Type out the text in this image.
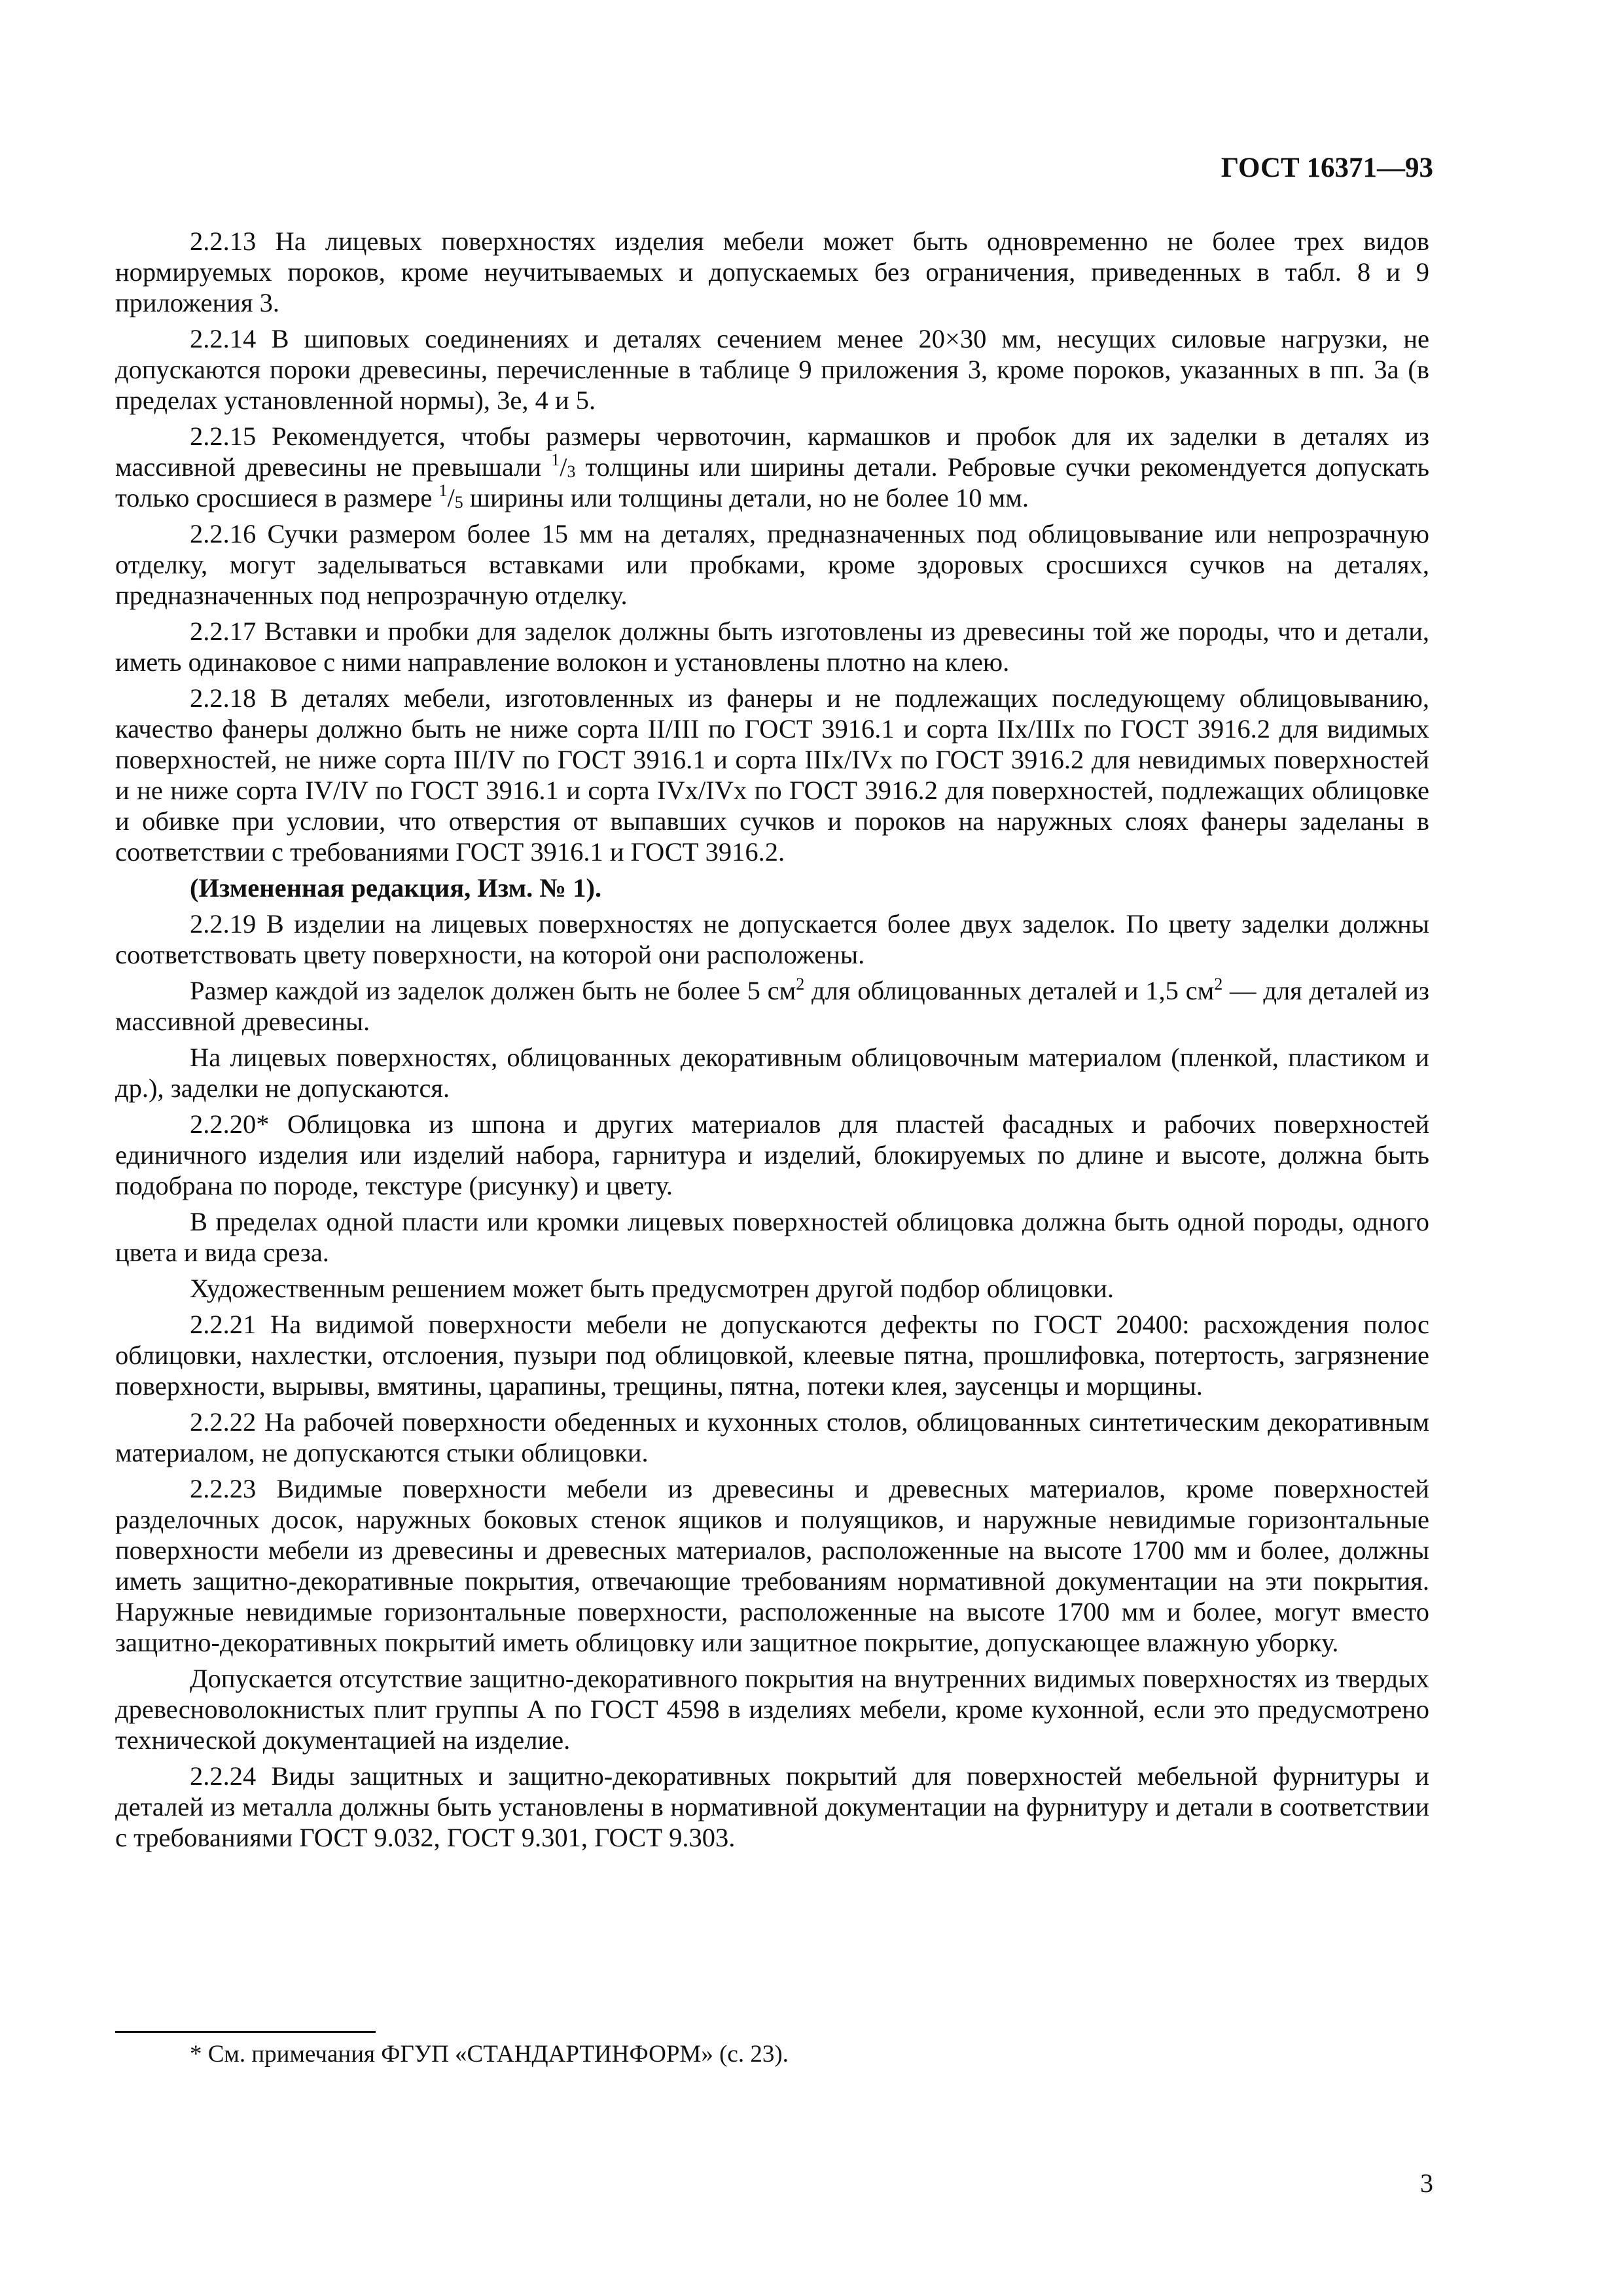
ГОСТ 16371—93

2.2.13 На лицевых поверхностях изделия мебели может быть одновременно не более трех видов нормируемых пороков, кроме неучитываемых и допускаемых без ограничения, приведенных в табл. 8 и 9 приложения 3.

2.2.14 В шиповых соединениях и деталях сечением менее 20×30 мм, несущих силовые нагрузки, не допускаются пороки древесины, перечисленные в таблице 9 приложения 3, кроме пороков, указанных в пп. 3а (в пределах установленной нормы), 3е, 4 и 5.

2.2.15 Рекомендуется, чтобы размеры червоточин, кармашков и пробок для их заделки в деталях из массивной древесины не превышали $^1/_3$ толщины или ширины детали. Ребровые сучки рекомендуется допускать только сросшиеся в размере $^1/_5$ ширины или толщины детали, но не более 10 мм.

2.2.16 Сучки размером более 15 мм на деталях, предназначенных под облицовывание или непрозрачную отделку, могут заделываться вставками или пробками, кроме здоровых сросшихся сучков на деталях, предназначенных под непрозрачную отделку.

2.2.17 Вставки и пробки для заделок должны быть изготовлены из древесины той же породы, что и детали, иметь одинаковое с ними направление волокон и установлены плотно на клею.

2.2.18 В деталях мебели, изготовленных из фанеры и не подлежащих последующему облицовыванию, качество фанеры должно быть не ниже сорта II/III по ГОСТ 3916.1 и сорта IIx/IIIx по ГОСТ 3916.2 для видимых поверхностей, не ниже сорта III/IV по ГОСТ 3916.1 и сорта IIIx/IVx по ГОСТ 3916.2 для невидимых поверхностей и не ниже сорта IV/IV по ГОСТ 3916.1 и сорта IVx/IVx по ГОСТ 3916.2 для поверхностей, подлежащих облицовке и обивке при условии, что отверстия от выпавших сучков и пороков на наружных слоях фанеры заделаны в соответствии с требованиями ГОСТ 3916.1 и ГОСТ 3916.2.

(Измененная редакция, Изм. № 1).

2.2.19 В изделии на лицевых поверхностях не допускается более двух заделок. По цвету заделки должны соответствовать цвету поверхности, на которой они расположены.

Размер каждой из заделок должен быть не более 5 $см^2$ для облицованных деталей и 1,5 $см^2$ — для деталей из массивной древесины.

На лицевых поверхностях, облицованных декоративным облицовочным материалом (пленкой, пластиком и др.), заделки не допускаются.

2.2.20* Облицовка из шпона и других материалов для пластей фасадных и рабочих поверхностей единичного изделия или изделий набора, гарнитура и изделий, блокируемых по длине и высоте, должна быть подобрана по породе, текстуре (рисунку) и цвету.

В пределах одной пласти или кромки лицевых поверхностей облицовка должна быть одной породы, одного цвета и вида среза.

Художественным решением может быть предусмотрен другой подбор облицовки.

2.2.21 На видимой поверхности мебели не допускаются дефекты по ГОСТ 20400: расхождения полос облицовки, нахлестки, отслоения, пузыри под облицовкой, клеевые пятна, прошлифовка, потертость, загрязнение поверхности, вырывы, вмятины, царапины, трещины, пятна, потеки клея, заусенцы и морщины.

2.2.22 На рабочей поверхности обеденных и кухонных столов, облицованных синтетическим декоративным материалом, не допускаются стыки облицовки.

2.2.23 Видимые поверхности мебели из древесины и древесных материалов, кроме поверхностей разделочных досок, наружных боковых стенок ящиков и полуящиков, и наружные невидимые горизонтальные поверхности мебели из древесины и древесных материалов, расположенные на высоте 1700 мм и более, должны иметь защитно-декоративные покрытия, отвечающие требованиям нормативной документации на эти покрытия. Наружные невидимые горизонтальные поверхности, расположенные на высоте 1700 мм и более, могут вместо защитно-декоративных покрытий иметь облицовку или защитное покрытие, допускающее влажную уборку.

Допускается отсутствие защитно-декоративного покрытия на внутренних видимых поверхностях из твердых древесноволокнистых плит группы А по ГОСТ 4598 в изделиях мебели, кроме кухонной, если это предусмотрено технической документацией на изделие.

2.2.24 Виды защитных и защитно-декоративных покрытий для поверхностей мебельной фурнитуры и деталей из металла должны быть установлены в нормативной документации на фурнитуру и детали в соответствии с требованиями ГОСТ 9.032, ГОСТ 9.301, ГОСТ 9.303.

* См. примечания ФГУП «СТАНДАРТИНФОРМ» (с. 23).
3
